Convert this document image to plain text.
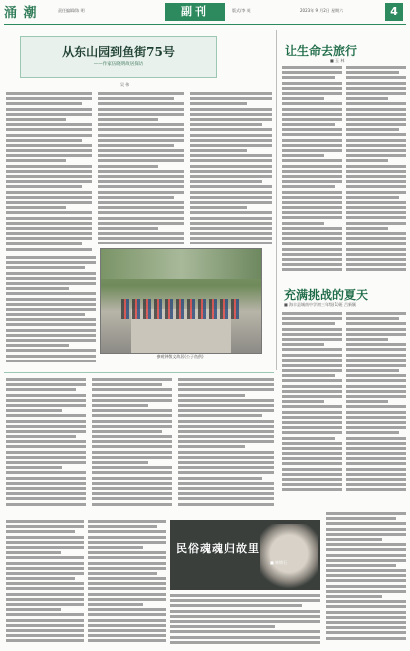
涌 潮	责任编辑/陈 明	副刊	版式/李 英	2023年 9 月2日 星期六	4
从东山园到鱼街75号
——作家伍晓明故居探访
吴 伟
参观钟敬文故居(公子鱼供)
让生命去旅行
■ 玉 林
充满挑战的夏天
■ 海丰县城南中学初三年级(1)班 吕新颖
民俗魂魂归故里
■ 林锦石
